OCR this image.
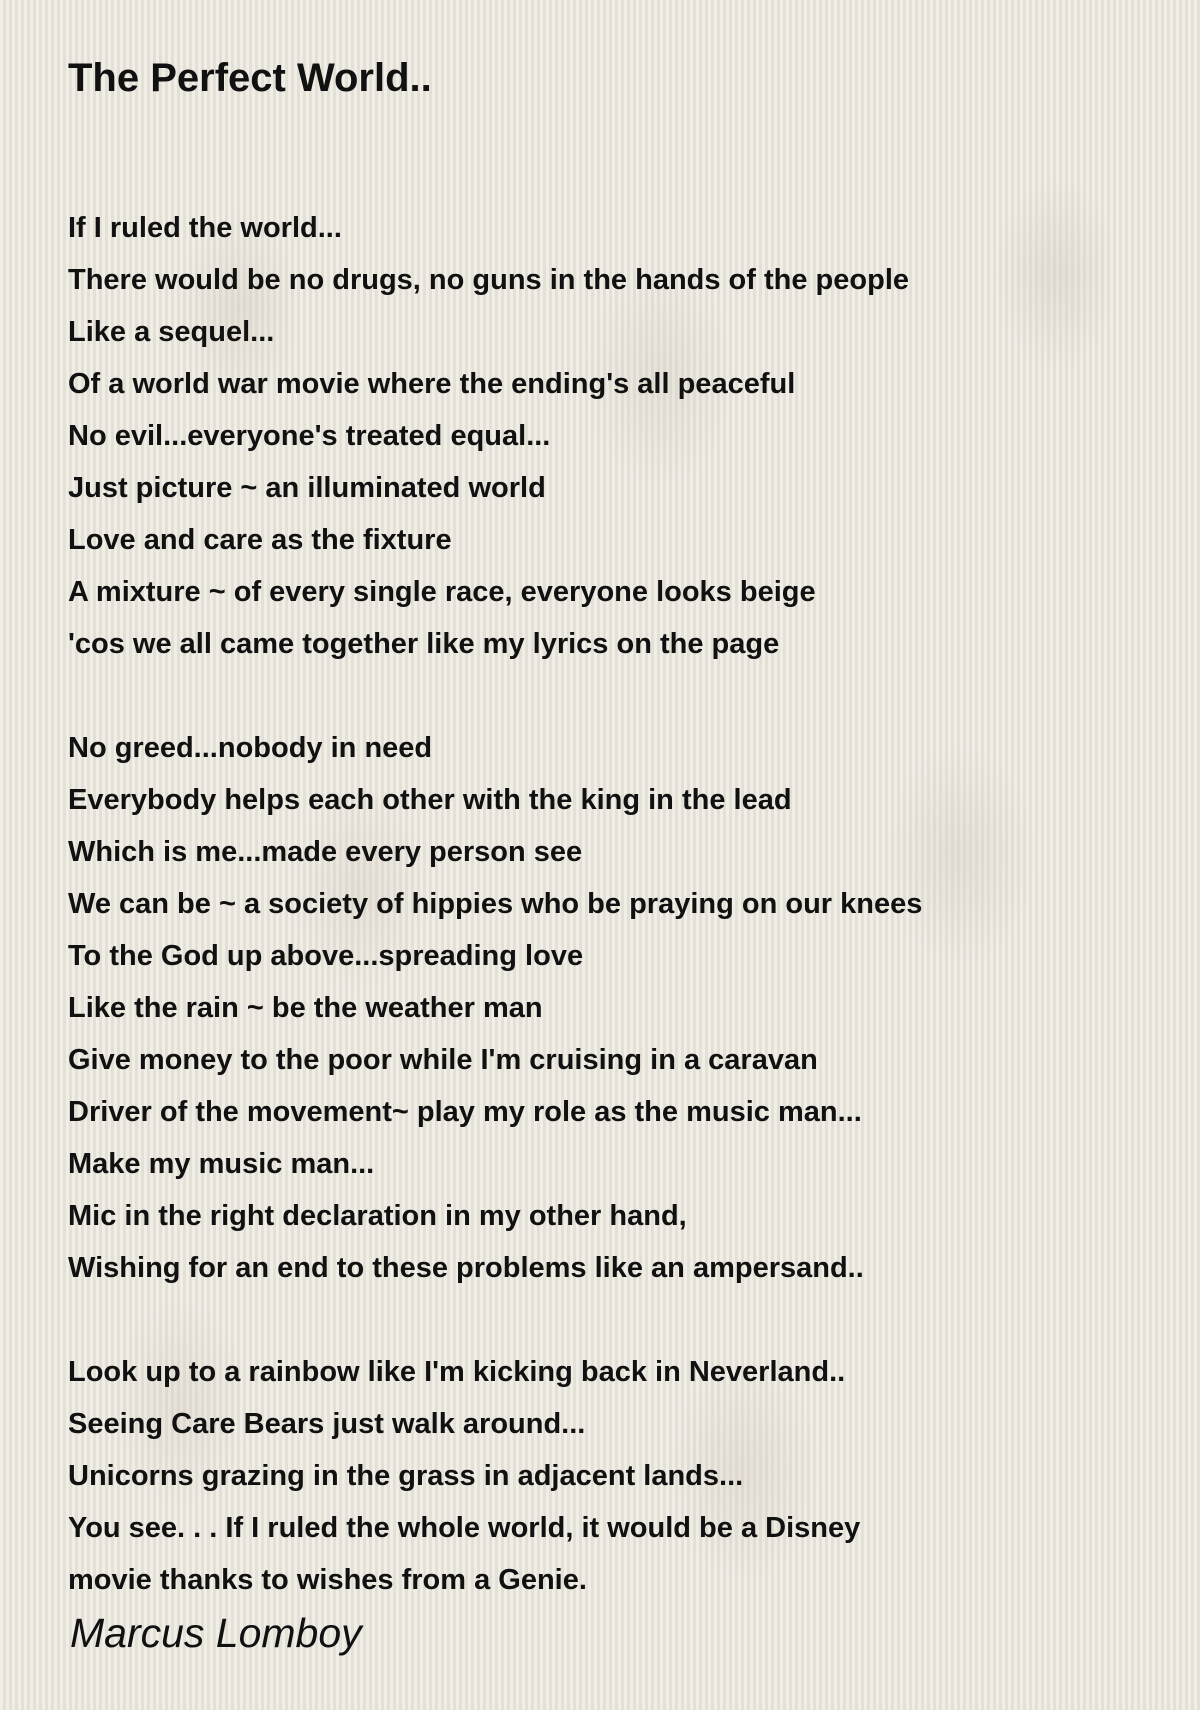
The Perfect World..
If I ruled the world...
There would be no drugs, no guns in the hands of the people
Like a sequel...
Of a world war movie where the ending's all peaceful
No evil...everyone's treated equal...
Just picture ~ an illuminated world
Love and care as the fixture
A mixture ~ of every single race, everyone looks beige
'cos we all came together like my lyrics on the page
No greed...nobody in need
Everybody helps each other with the king in the lead
Which is me...made every person see
We can be ~ a society of hippies who be praying on our knees
To the God up above...spreading love
Like the rain ~ be the weather man
Give money to the poor while I'm cruising in a caravan
Driver of the movement~ play my role as the music man...
Make my music man...
Mic in the right declaration in my other hand,
Wishing for an end to these problems like an ampersand..
Look up to a rainbow like I'm kicking back in Neverland..
Seeing Care Bears just walk around...
Unicorns grazing in the grass in adjacent lands...
You see. . . If I ruled the whole world, it would be a Disney
movie thanks to wishes from a Genie.
Marcus Lomboy
